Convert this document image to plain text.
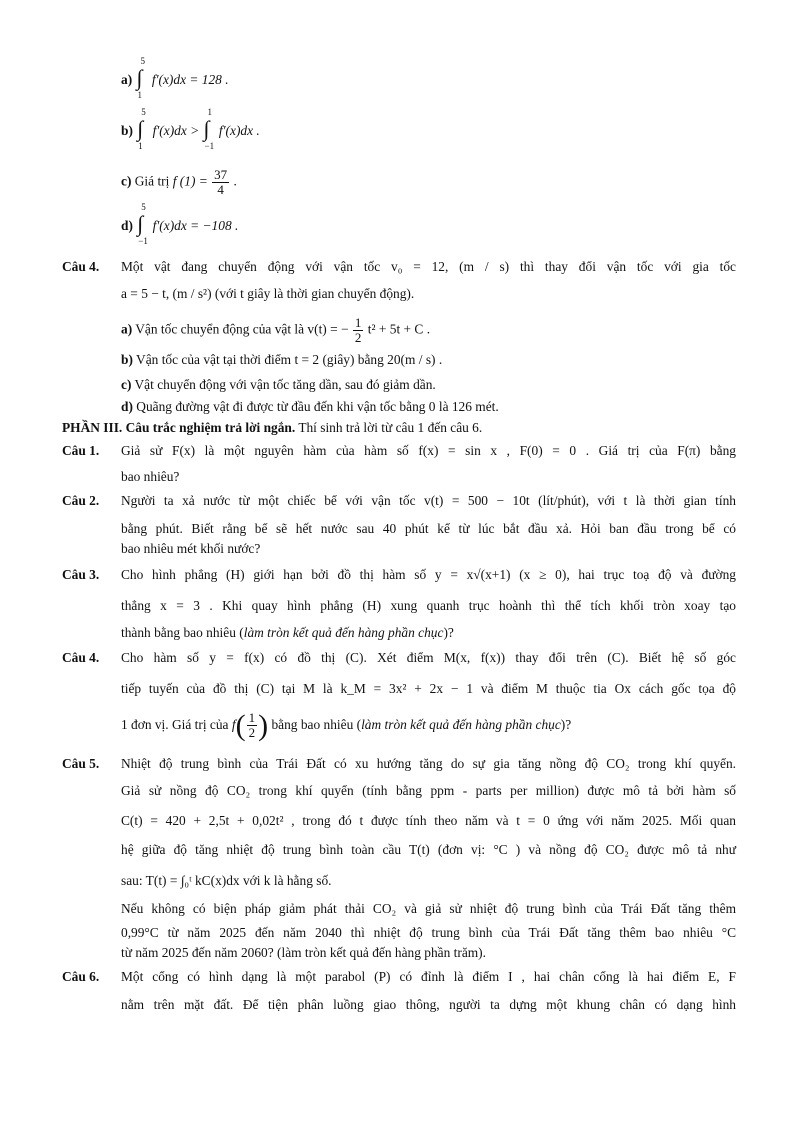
a) ∫
5
1
f′(x)dx = 128 .
b) ∫
5
1
f′(x)dx > ∫
1
−1
f′(x)dx .
c) Giá trị f $(1) = \frac{37}{4}$ .
d) ∫
5
−1
f′(x)dx = −108 .
Câu 4. Một vật đang chuyển động với vận tốc v₀ = 12, (m / s) thì thay đổi vận tốc với gia tốc
a = 5 − t, (m / s²) (với t giây là thời gian chuyển động).
a) Vận tốc chuyển động của vật là v(t) = − $\frac{1}{2} t^2 + 5t + C$ .
b) Vận tốc của vật tại thời điểm t = 2 (giây) bằng 20(m / s) .
c) Vật chuyển động với vận tốc tăng dần, sau đó giảm dần.
d) Quãng đường vật đi được từ đầu đến khi vận tốc bằng 0 là 126 mét.
PHẦN III. Câu trắc nghiệm trả lời ngắn. Thí sinh trả lời từ câu 1 đến câu 6.
Câu 1. Giả sử F(x) là một nguyên hàm của hàm số f(x) = sin x , F(0) = 0 . Giá trị của F(π) bằng
bao nhiêu?
Câu 2. Người ta xả nước từ một chiếc bể với vận tốc v(t) = 500 − 10t (lít/phút), với t là thời gian tính
bằng phút. Biết rằng bể sẽ hết nước sau 40 phút kể từ lúc bắt đầu xả. Hỏi ban đầu trong bể có
bao nhiêu mét khối nước?
Câu 3. Cho hình phẳng (H) giới hạn bởi đồ thị hàm số y = x√(x+1) (x ≥ 0), hai trục toạ độ và đường
thẳng x = 3 . Khi quay hình phẳng (H) xung quanh trục hoành thì thể tích khối tròn xoay tạo
thành bằng bao nhiêu (làm tròn kết quả đến hàng phần chục)?
Câu 4. Cho hàm số y = f(x) có đồ thị (C). Xét điểm M(x, f(x)) thay đổi trên (C). Biết hệ số góc
tiếp tuyến của đồ thị (C) tại M là k_M = 3x² + 2x − 1 và điểm M thuộc tia Ox cách gốc tọa độ
1 đơn vị. Giá trị của $f( \frac{1}{2}$ ) bằng bao nhiêu (làm tròn kết quả đến hàng phần chục)?
Câu 5. Nhiệt độ trung bình của Trái Đất có xu hướng tăng do sự gia tăng nồng độ CO₂ trong khí quyển.
Giả sử nồng độ CO₂ trong khí quyển (tính bằng ppm - parts per million) được mô tả bởi hàm số
C(t) = 420 + 2,5t + 0,02t² , trong đó t được tính theo năm và t = 0 ứng với năm 2025. Mối quan
hệ giữa độ tăng nhiệt độ trung bình toàn cầu T(t) (đơn vị: °C ) và nồng độ CO₂ được mô tả như
sau: T(t) = ∫₀ᵗ kC(x)dx với k là hằng số.
Nếu không có biện pháp giảm phát thải CO₂ và giả sử nhiệt độ trung bình của Trái Đất tăng thêm
0,99°C từ năm 2025 đến năm 2040 thì nhiệt độ trung bình của Trái Đất tăng thêm bao nhiêu °C
từ năm 2025 đến năm 2060? (làm tròn kết quả đến hàng phần trăm).
Câu 6. Một cổng có hình dạng là một parabol (P) có đỉnh là điểm I , hai chân cổng là hai điểm E, F
nằm trên mặt đất. Để tiện phân luồng giao thông, người ta dựng một khung chân có dạng hình
